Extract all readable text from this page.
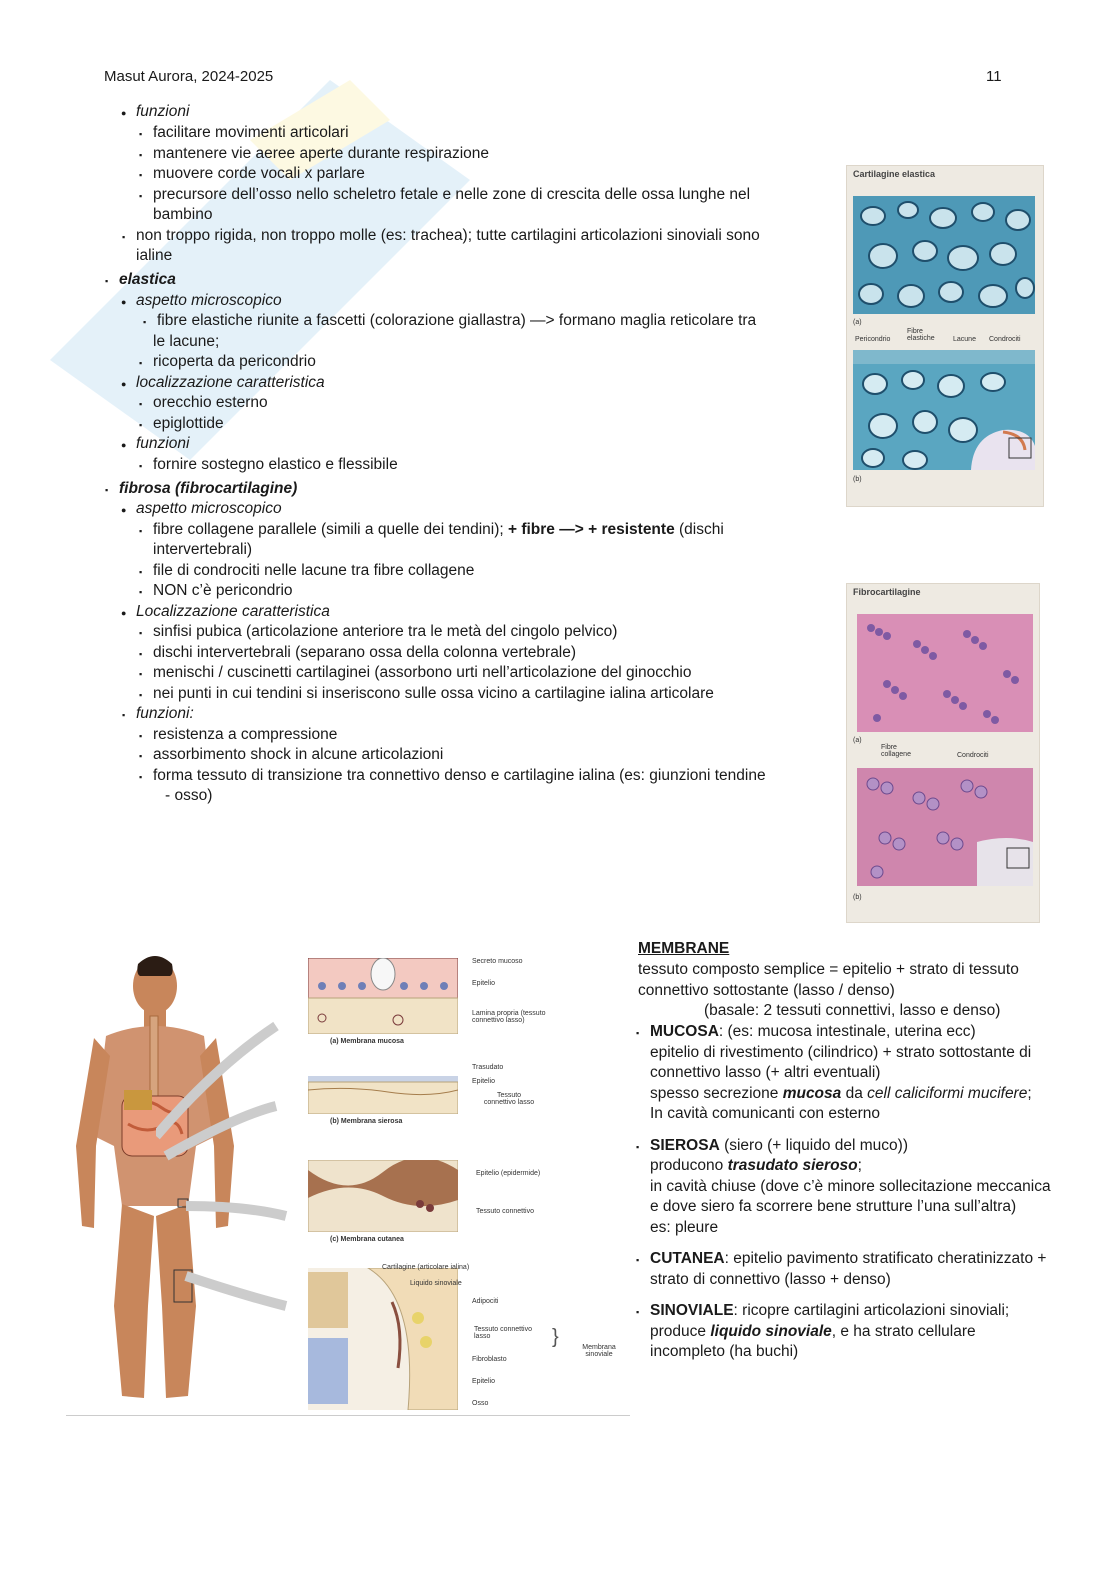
Masut Aurora, 2024-2025	11
● funzioni
▪ facilitare movimenti articolari
▪ mantenere vie aeree aperte durante respirazione
▪ muovere corde vocali x parlare
▪ precursore dell’osso nello scheletro fetale e nelle zone di crescita delle ossa lunghe nel
bambino
▪ non troppo rigida, non troppo molle (es: trachea); tutte cartilagini articolazioni sinoviali sono
ialine
▪ elastica
● aspetto microscopico
▪ fibre elastiche riunite a fascetti (colorazione giallastra) —> formano maglia reticolare tra
le lacune;
▪ ricoperta da pericondrio
● localizzazione caratteristica
▪ orecchio esterno
▪ epiglottide
● funzioni
▪ fornire sostegno elastico e flessibile
▪ fibrosa (fibrocartilagine)
● aspetto microscopico
▪ fibre collagene parallele (simili a quelle dei tendini); + fibre —> + resistente (dischi
intervertebrali)
▪ file di condrociti nelle lacune tra fibre collagene
▪ NON c’è pericondrio
● Localizzazione caratteristica
▪ sinfisi pubica (articolazione anteriore tra le metà del cingolo pelvico)
▪ dischi intervertebrali (separano ossa della colonna vertebrale)
▪ menischi / cuscinetti cartilaginei (assorbono urti nell’articolazione del ginocchio
▪ nei punti in cui tendini si inseriscono sulle ossa vicino a cartilagine ialina articolare
▪ funzioni:
▪ resistenza a compressione
▪ assorbimento shock in alcune articolazioni
▪ forma tessuto di transizione tra connettivo denso e cartilagine ialina (es: giunzioni tendine
- osso)
Cartilagine elastica
(a)
Pericondrio
Fibre elastiche	Lacune Condrociti
(b)
Fibrocartilagine
(a)
Fibre collagene	Condrociti
(b)
(a) Membrana mucosa
Secreto mucoso
Epitelio
Lamina propria (tessuto connettivo lasso)
(b) Membrana sierosa
Trasudato
Epitelio
Tessuto connettivo lasso
(c) Membrana cutanea
Epitelio (epidermide)
Tessuto connettivo
Cartilagine (articolare ialina)
Liquido sinoviale
Adipociti
Tessuto connettivo lasso
Fibroblasto
Epitelio
Osso
}	Membrana sinoviale
MEMBRANE
tessuto composto semplice = epitelio + strato di tessuto
connettivo sottostante (lasso / denso)
(basale: 2 tessuti connettivi, lasso e denso)
▪ MUCOSA: (es: mucosa intestinale, uterina ecc)
epitelio di rivestimento (cilindrico) + strato sottostante di
connettivo lasso (+ altri eventuali)
spesso secrezione mucosa da cell caliciformi mucifere;
In cavità comunicanti con esterno
▪ SIEROSA (siero (+ liquido del muco))
producono trasudato sieroso;
in cavità chiuse (dove c’è minore sollecitazione meccanica
e dove siero fa scorrere bene strutture l’una sull’altra)
es: pleure
▪ CUTANEA: epitelio pavimento stratificato cheratinizzato +
strato di connettivo (lasso + denso)
▪ SINOVIALE: ricopre cartilagini articolazioni sinoviali;
produce liquido sinoviale, e ha strato cellulare
incompleto (ha buchi)
